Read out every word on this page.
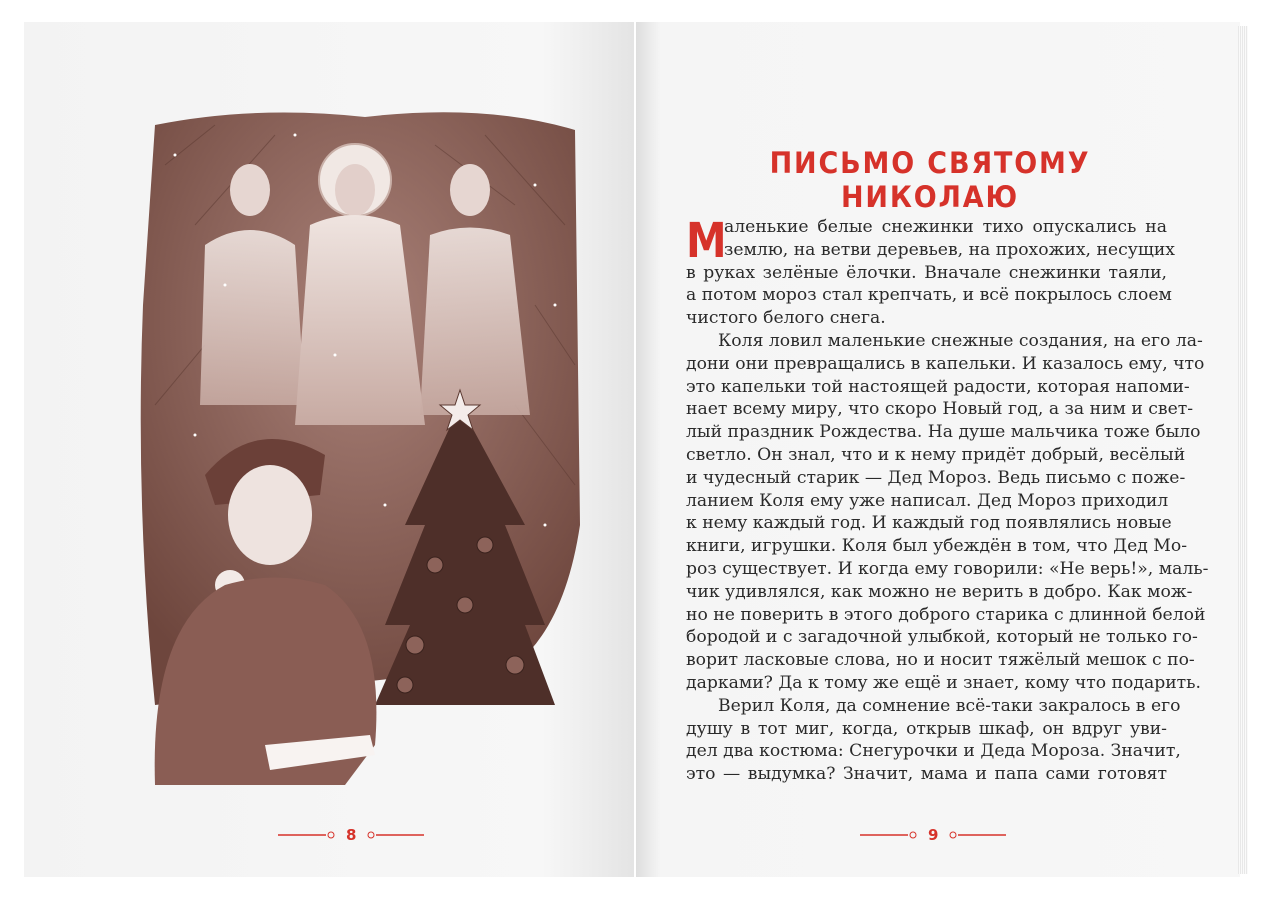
8
ПИСЬМО СВЯТОМУ НИКОЛАЮ
М
аленькие белые снежинки тихо опускались на
землю, на ветви деревьев, на прохожих, несущих
в руках зелёные ёлочки. Вначале снежинки таяли,
а потом мороз стал крепчать, и всё покрылось слоем
чистого белого снега.
Коля ловил маленькие снежные создания, на его ла-
дони они превращались в капельки. И казалось ему, что
это капельки той настоящей радости, которая напоми-
нает всему миру, что скоро Новый год, а за ним и свет-
лый праздник Рождества. На душе мальчика тоже было
светло. Он знал, что и к нему придёт добрый, весёлый
и чудесный старик — Дед Мороз. Ведь письмо с поже-
ланием Коля ему уже написал. Дед Мороз приходил
к нему каждый год. И каждый год появлялись новые
книги, игрушки. Коля был убеждён в том, что Дед Мо-
роз существует. И когда ему говорили: «Не верь!», маль-
чик удивлялся, как можно не верить в добро. Как мож-
но не поверить в этого доброго старика с длинной белой
бородой и с загадочной улыбкой, который не только го-
ворит ласковые слова, но и носит тяжёлый мешок с по-
дарками? Да к тому же ещё и знает, кому что подарить.
Верил Коля, да сомнение всё-таки закралось в его
душу в тот миг, когда, открыв шкаф, он вдруг уви-
дел два костюма: Снегурочки и Деда Мороза. Значит,
это — выдумка? Значит, мама и папа сами готовят
9
